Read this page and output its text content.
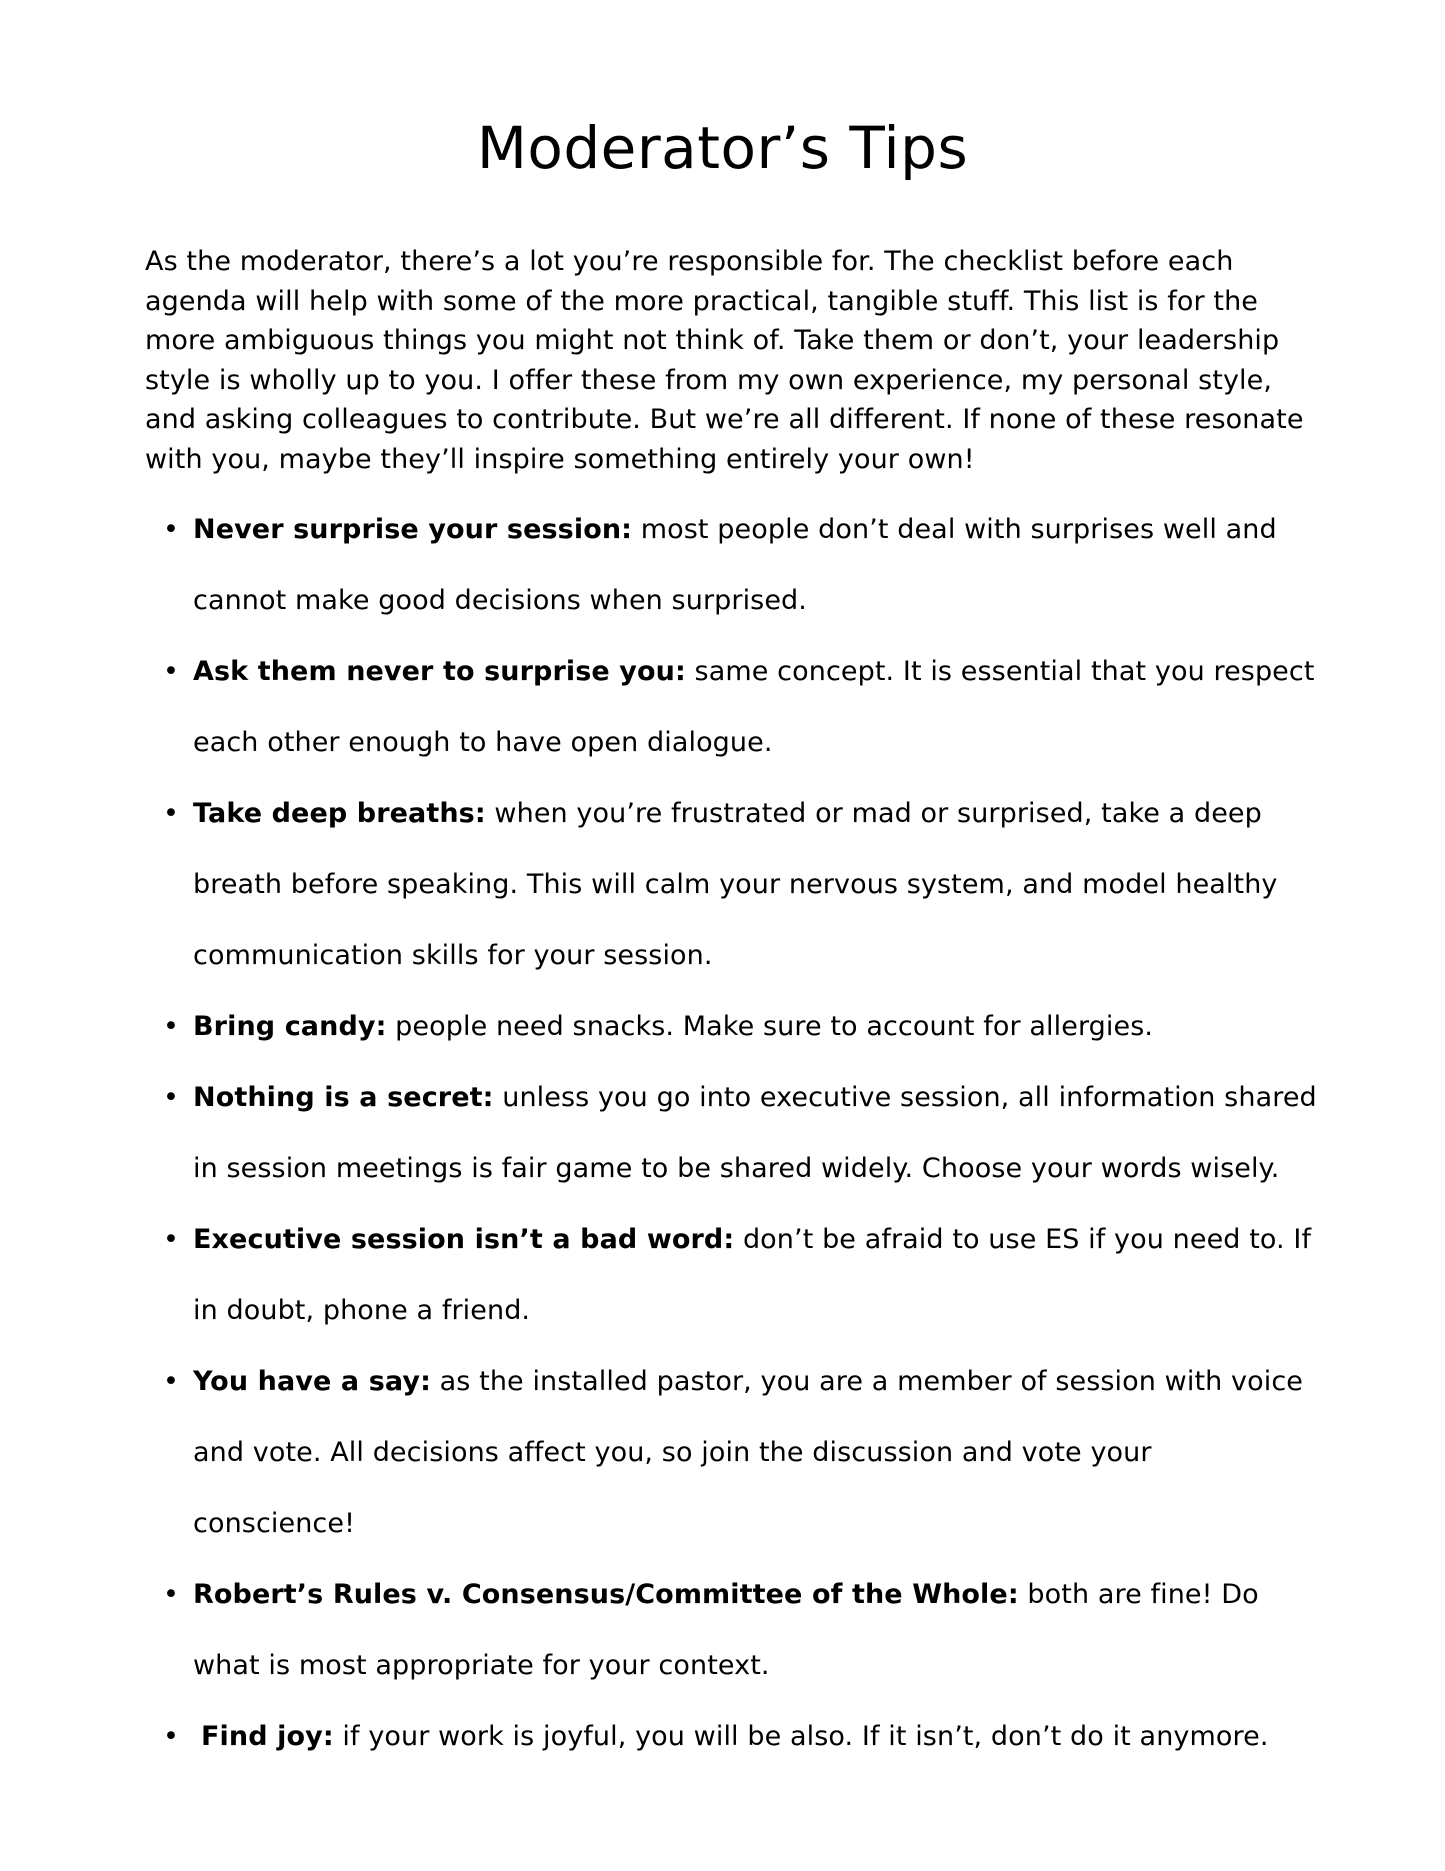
Moderator’s Tips

As the moderator, there’s a lot you’re responsible for. The checklist before each agenda will help with some of the more practical, tangible stuff. This list is for the more ambiguous things you might not think of. Take them or don’t, your leadership style is wholly up to you. I offer these from my own experience, my personal style, and asking colleagues to contribute. But we’re all different. If none of these resonate with you, maybe they’ll inspire something entirely your own!

• Never surprise your session: most people don’t deal with surprises well and cannot make good decisions when surprised.
• Ask them never to surprise you: same concept. It is essential that you respect each other enough to have open dialogue.
• Take deep breaths: when you’re frustrated or mad or surprised, take a deep breath before speaking. This will calm your nervous system, and model healthy communication skills for your session.
• Bring candy: people need snacks. Make sure to account for allergies.
• Nothing is a secret: unless you go into executive session, all information shared in session meetings is fair game to be shared widely. Choose your words wisely.
• Executive session isn’t a bad word: don’t be afraid to use ES if you need to. If in doubt, phone a friend.
• You have a say: as the installed pastor, you are a member of session with voice and vote. All decisions affect you, so join the discussion and vote your conscience!
• Robert’s Rules v. Consensus/Committee of the Whole: both are fine! Do what is most appropriate for your context.
• Find joy: if your work is joyful, you will be also. If it isn’t, don’t do it anymore.
